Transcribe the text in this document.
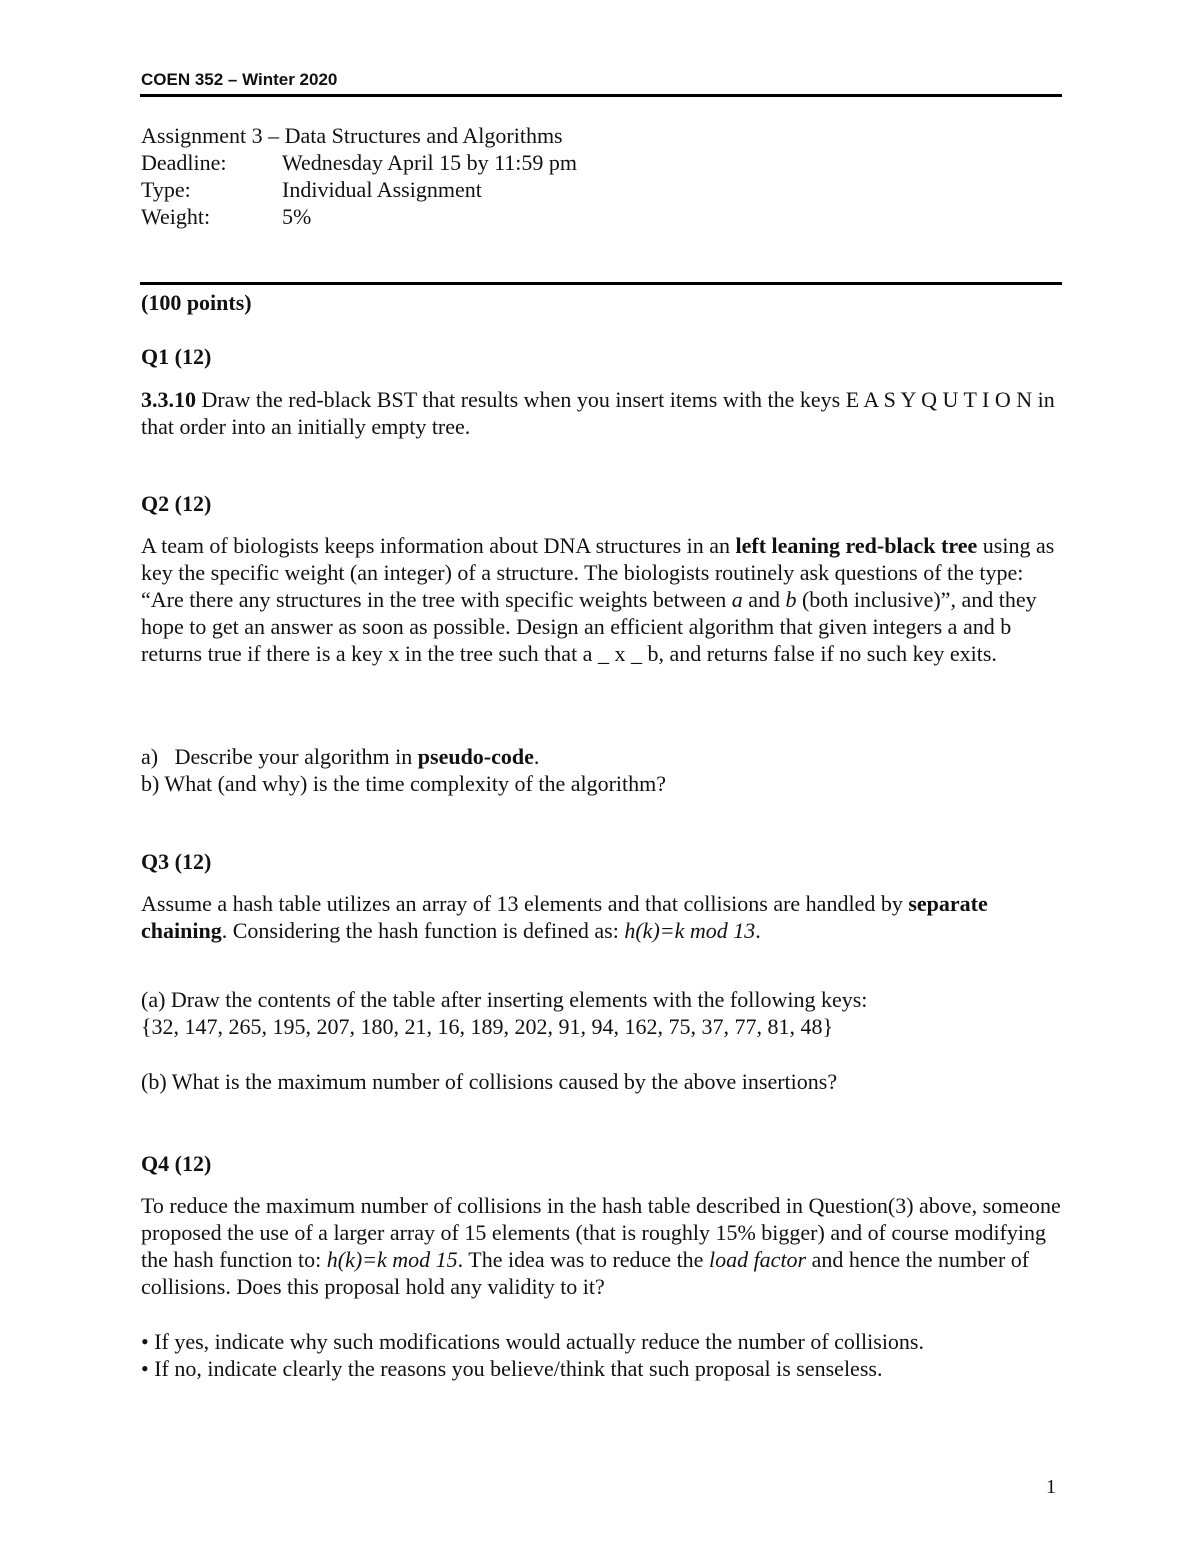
COEN 352 – Winter 2020
Assignment 3 – Data Structures and Algorithms
Deadline:	Wednesday April 15 by 11:59 pm
Type:	Individual Assignment
Weight:	5%
(100 points)
Q1 (12)

3.3.10 Draw the red-black BST that results when you insert items with the keys E A S Y Q U T I O N in that order into an initially empty tree.

Q2 (12)

A team of biologists keeps information about DNA structures in an left leaning red-black tree using as key the specific weight (an integer) of a structure. The biologists routinely ask questions of the type:

“Are there any structures in the tree with specific weights between a and b (both inclusive)”, and they hope to get an answer as soon as possible. Design an efficient algorithm that given integers a and b returns true if there is a key x in the tree such that a _ x _ b, and returns false if no such key exits.

a) Describe your algorithm in pseudo-code.

b) What (and why) is the time complexity of the algorithm?

Q3 (12)

Assume a hash table utilizes an array of 13 elements and that collisions are handled by separate chaining. Considering the hash function is defined as: h(k)=k mod 13.

(a) Draw the contents of the table after inserting elements with the following keys:

{32, 147, 265, 195, 207, 180, 21, 16, 189, 202, 91, 94, 162, 75, 37, 77, 81, 48}

(b) What is the maximum number of collisions caused by the above insertions?
Q4 (12)

To reduce the maximum number of collisions in the hash table described in Question(3) above, someone proposed the use of a larger array of 15 elements (that is roughly 15% bigger) and of course modifying the hash function to: h(k)=k mod 15. The idea was to reduce the load factor and hence the number of collisions. Does this proposal hold any validity to it?

• If yes, indicate why such modifications would actually reduce the number of collisions.

• If no, indicate clearly the reasons you believe/think that such proposal is senseless.

1
